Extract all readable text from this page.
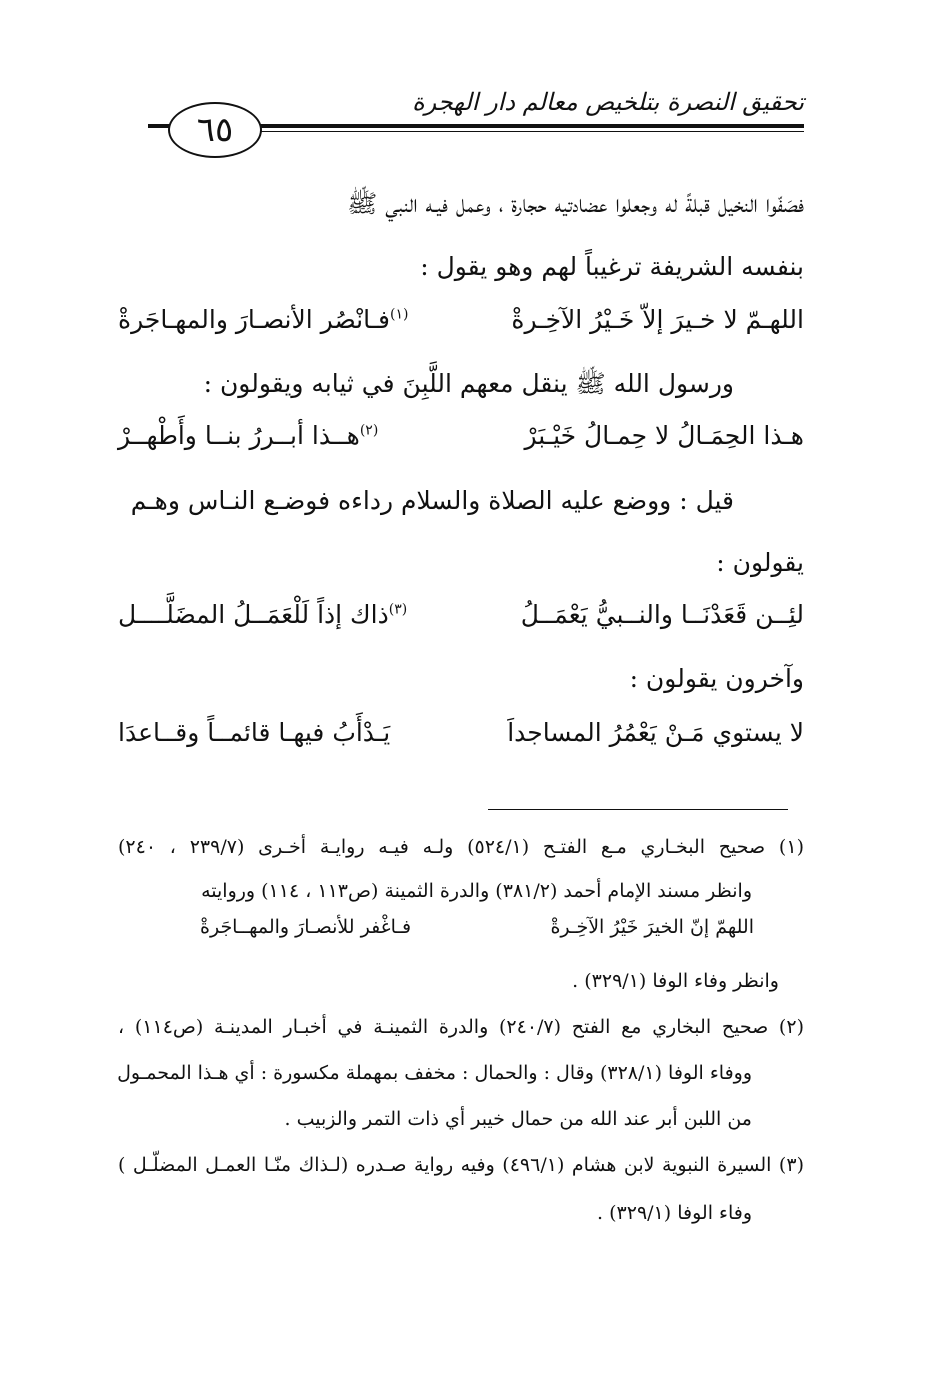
تحقيق النصرة بتلخيص معالم دار الهجرة
٦٥
فصَفّوا النخيل قبلةً له وجعلوا عضادتيه حجارة ، وعمل فيـه النبي ﷺ
بنفسه الشريفة ترغيباً لهم وهو يقول :
اللهـمّ لا خـيرَ إلاّ خَـيْرُ الآخِـرةْ
$^{(١)}$فـانْصُر الأنصـارَ والمهـاجَرةْ
ورسول الله ﷺ ينقل معهم اللَّبِنَ في ثيابه ويقولون :
هـذا الحِمَـالُ لا حِمـالُ خَيْـبَرْ
$^{(٢)}$هــذا أبــررُ بنــا وأَطْهــرْ
قيل : ووضع عليه الصلاة والسلام رداءه فوضـع النـاس وهـم
يقولون :
لئِــن قَعَدْنَــا والنــبيُّ يَعْمَــلُ
$^{(٣)}$ذاك إذاً لَلْعَمَــلُ المضَلَّــــل
وآخرون يقولون :
لا يستوي مَـنْ يَعْمُرُ المساجداَ
يَـدْأَبُ فيهـا قائمــاً وقــاعدَا
(١) صحيح البخـاري مـع الفتـح (٥٢٤/١) ولـه فيـه روايـة أخـرى (٢٣٩/٧ ، ٢٤٠)
وانظر مسند الإمام أحمد (٣٨١/٢) والدرة الثمينة (ص١١٣ ، ١١٤) وروايته
اللهمّ إنّ الخيرَ خَيْرُ الآخِـرةْ
فـاغْفر للأنصـارَ والمهــاجَرةْ
وانظر وفاء الوفا (٣٢٩/١) .
(٢) صحيح البخاري مع الفتح (٢٤٠/٧) والدرة الثمينـة في أخبـار المدينـة (ص١١٤) ،
ووفاء الوفا (٣٢٨/١) وقال : والحمال : مخفف بمهملة مكسورة : أي هـذا المحمـول
من اللبن أبر عند الله من حمال خيبر أي ذات التمر والزبيب .
(٣) السيرة النبوية لابن هشام (٤٩٦/١) وفيه رواية صـدره (لـذاك منّـا العمـل المضلّـل )
وفاء الوفا (٣٢٩/١) .
